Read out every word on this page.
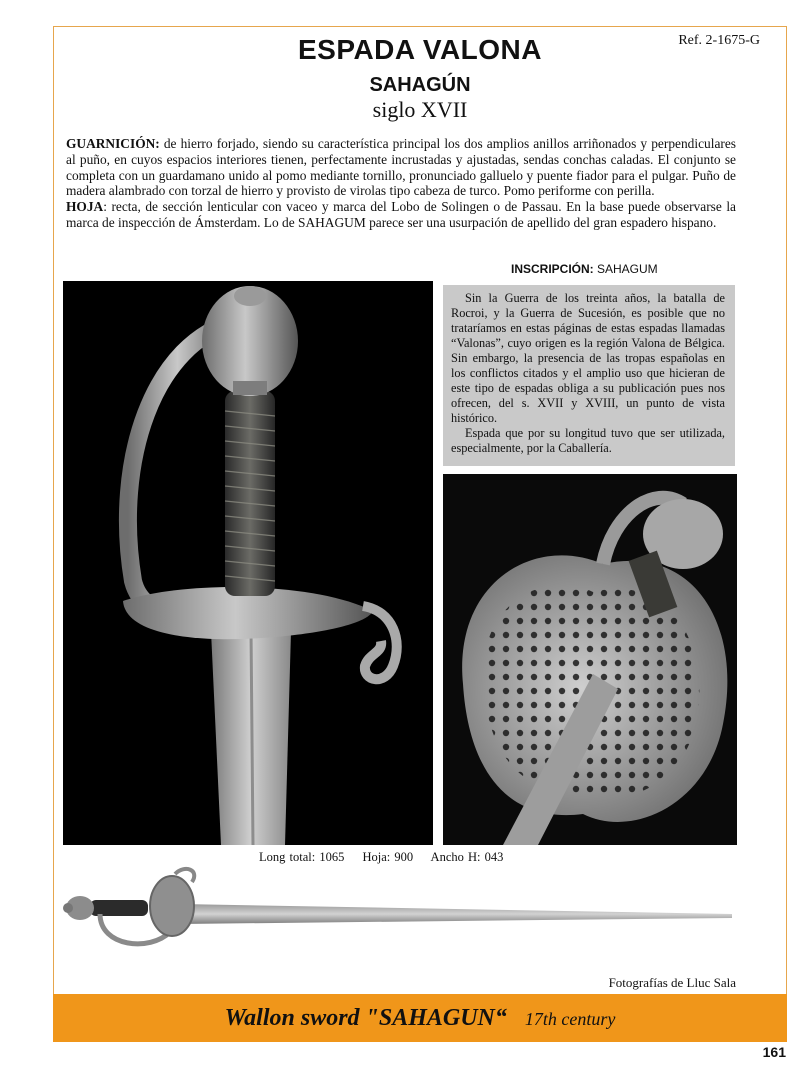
Ref. 2-1675-G
ESPADA VALONA
SAHAGÚN
siglo XVII

GUARNICIÓN: de hierro forjado, siendo su característica principal los dos amplios anillos arriñonados y perpendiculares al puño, en cuyos espacios interiores tienen, perfectamente incrustadas y ajustadas, sendas conchas caladas. El conjunto se completa con un guardamano unido al pomo mediante tornillo, pronunciado galluelo y puente fiador para el pulgar. Puño de madera alambrado con torzal de hierro y provisto de virolas tipo cabeza de turco. Pomo periforme con perilla.

HOJA: recta, de sección lenticular con vaceo y marca del Lobo de Solingen o de Passau. En la base puede observarse la marca de inspección de Ámsterdam. Lo de SAHAGUM parece ser una usurpación de apellido del gran espadero hispano.

INSCRIPCIÓN: SAHAGUM

Sin la Guerra de los treinta años, la batalla de Rocroi, y la Guerra de Sucesión, es posible que no trataríamos en estas páginas de estas espadas llamadas “Valonas”, cuyo origen es la región Valona de Bélgica. Sin embargo, la presencia de las tropas españolas en los conflictos citados y el amplio uso que hicieran de este tipo de espadas obliga a su publicación pues nos ofrecen, del s. XVII y XVIII, un punto de vista histórico.

Espada que por su longitud tuvo que ser utilizada, especialmente, por la Caballería.

Long total: 1065 Hoja: 900 Ancho H: 043
Fotografías de Lluc Sala
Wallon sword "SAHAGUN“ 17th century
161
